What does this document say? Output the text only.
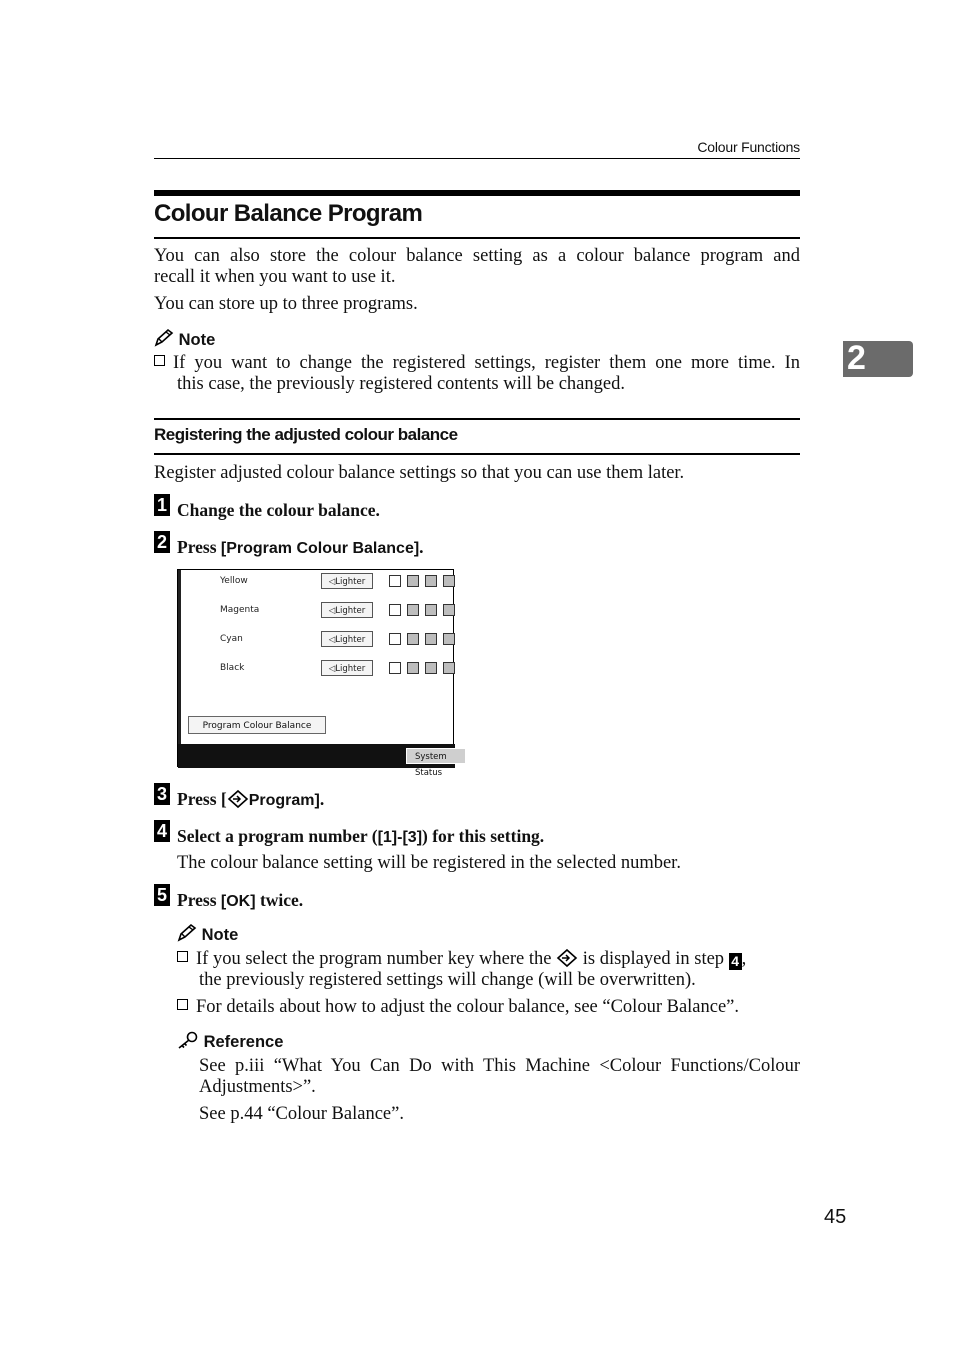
Colour Functions
2
Colour Balance Program

You can also store the colour balance setting as a colour balance program and

recall it when you want to use it.

You can store up to three programs.

Note

If you want to change the registered settings, register them one more time. In

this case, the previously registered contents will be changed.

Registering the adjusted colour balance
Register adjusted colour balance settings so that you can use them later.
1 Change the colour balance.
2 Press [Program Colour Balance].
Yellow	◁Lighter
Magenta	◁Lighter
Cyan	◁Lighter
Black	◁Lighter
Program Colour Balance
System Status
3 Press [ Program].
4 Select a program number ([1]-[3]) for this setting.
The colour balance setting will be registered in the selected number.
5 Press [OK] twice.
Note

If you select the program number key where the is displayed in step 4 ,

the previously registered settings will change (will be overwritten).

For details about how to adjust the colour balance, see “Colour Balance”.

Reference

See p.iii “What You Can Do with This Machine <Colour Functions/Colour

Adjustments>”.

See p.44 “Colour Balance”.

45
